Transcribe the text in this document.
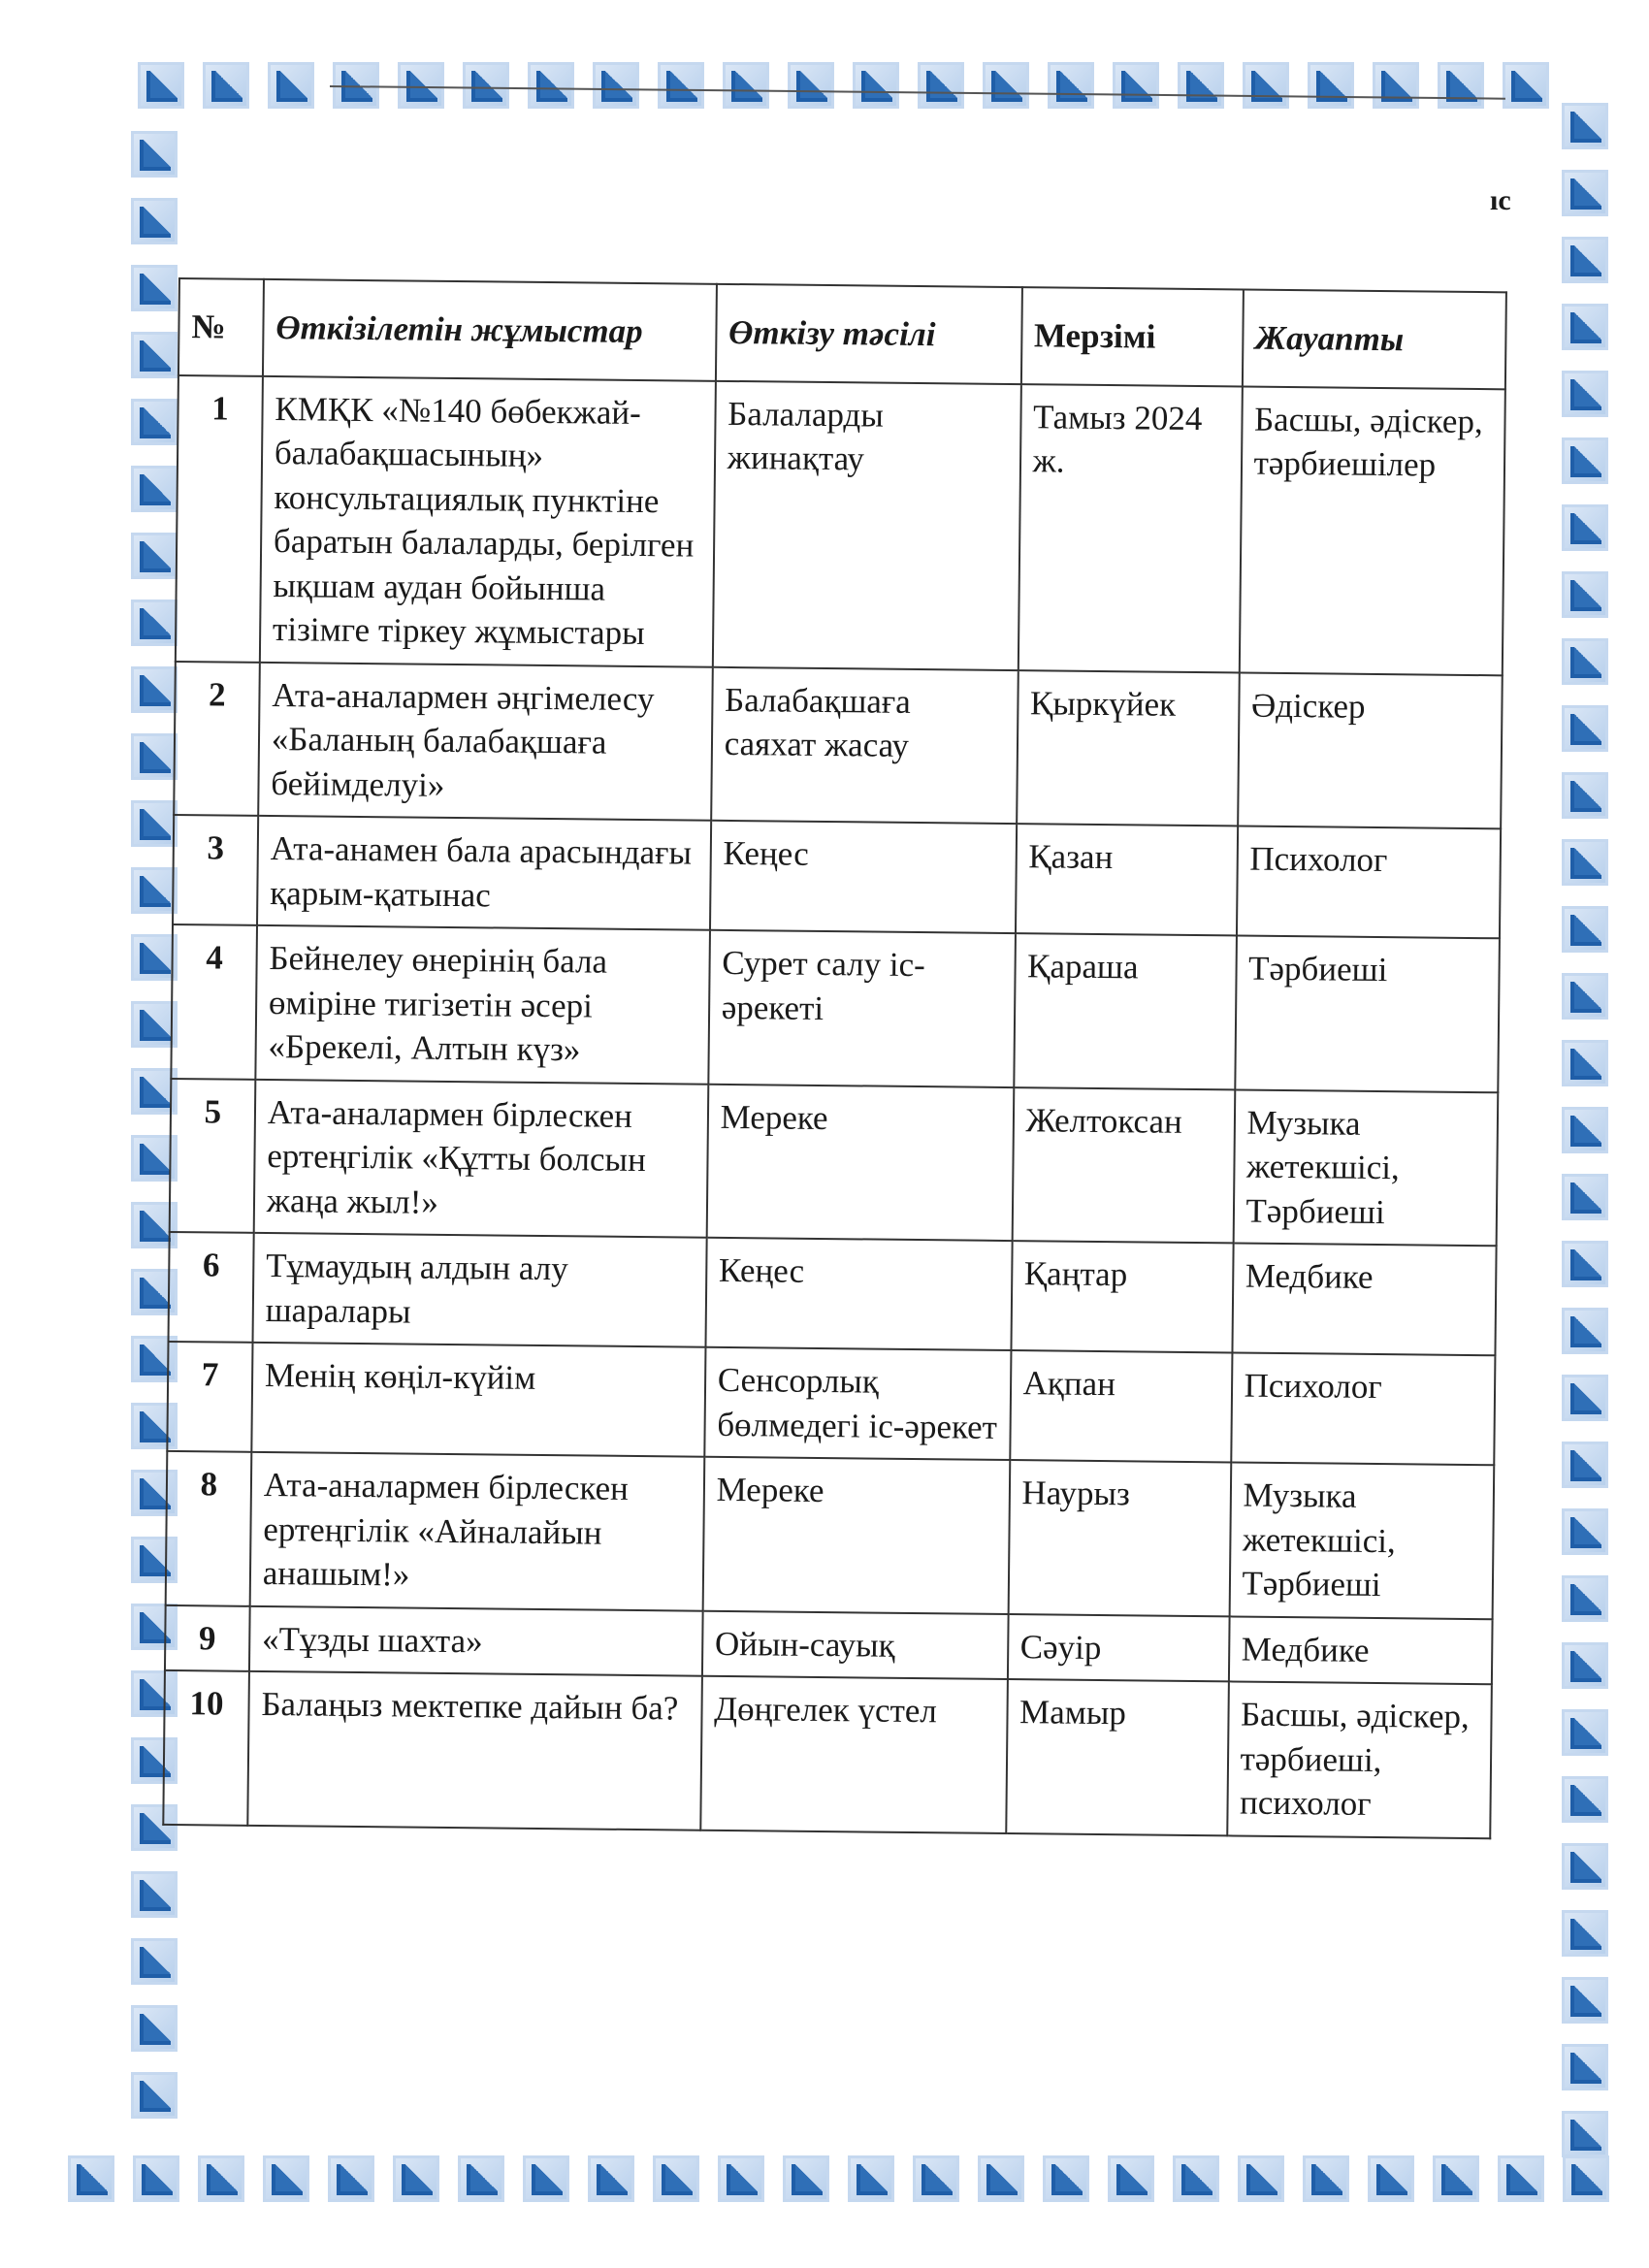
ıс
№	Өткізілетін жұмыстар	Өткізу тәсілі	Мерзімі	Жауапты
1	КМҚК «№140 бөбекжай-балабақшасының» консультациялық пунктіне баратын балаларды, берілген ықшам аудан бойынша тізімге тіркеу жұмыстары	Балаларды жинақтау	Тамыз 2024 ж.	Басшы, әдіскер, тәрбиешілер
2	Ата-аналармен әңгімелесу «Баланың балабақшаға бейімделуі»	Балабақшаға саяхат жасау	Қыркүйек	Әдіскер
3	Ата-анамен бала арасындағы қарым-қатынас	Кеңес	Қазан	Психолог
4	Бейнелеу өнерінің бала өміріне тигізетін әсері «Брекелі, Алтын күз»	Сурет салу іс-әрекеті	Қараша	Тәрбиеші
5	Ата-аналармен бірлескен ертеңгілік «Құтты болсын жаңа жыл!»	Мереке	Желтоксан	Музыка жетекшісі, Тәрбиеші
6	Тұмаудың алдын алу шаралары	Кеңес	Қаңтар	Медбике
7	Менің көңіл-күйім	Сенсорлық бөлмедегі іс-әрекет	Ақпан	Психолог
8	Ата-аналармен бірлескен ертеңгілік «Айналайын анашым!»	Мереке	Наурыз	Музыка жетекшісі, Тәрбиеші
9	«Тұзды шахта»	Ойын-сауық	Сәуір	Медбике
10	Балаңыз мектепке дайын ба?	Дөңгелек үстел	Мамыр	Басшы, әдіскер, тәрбиеші, психолог
